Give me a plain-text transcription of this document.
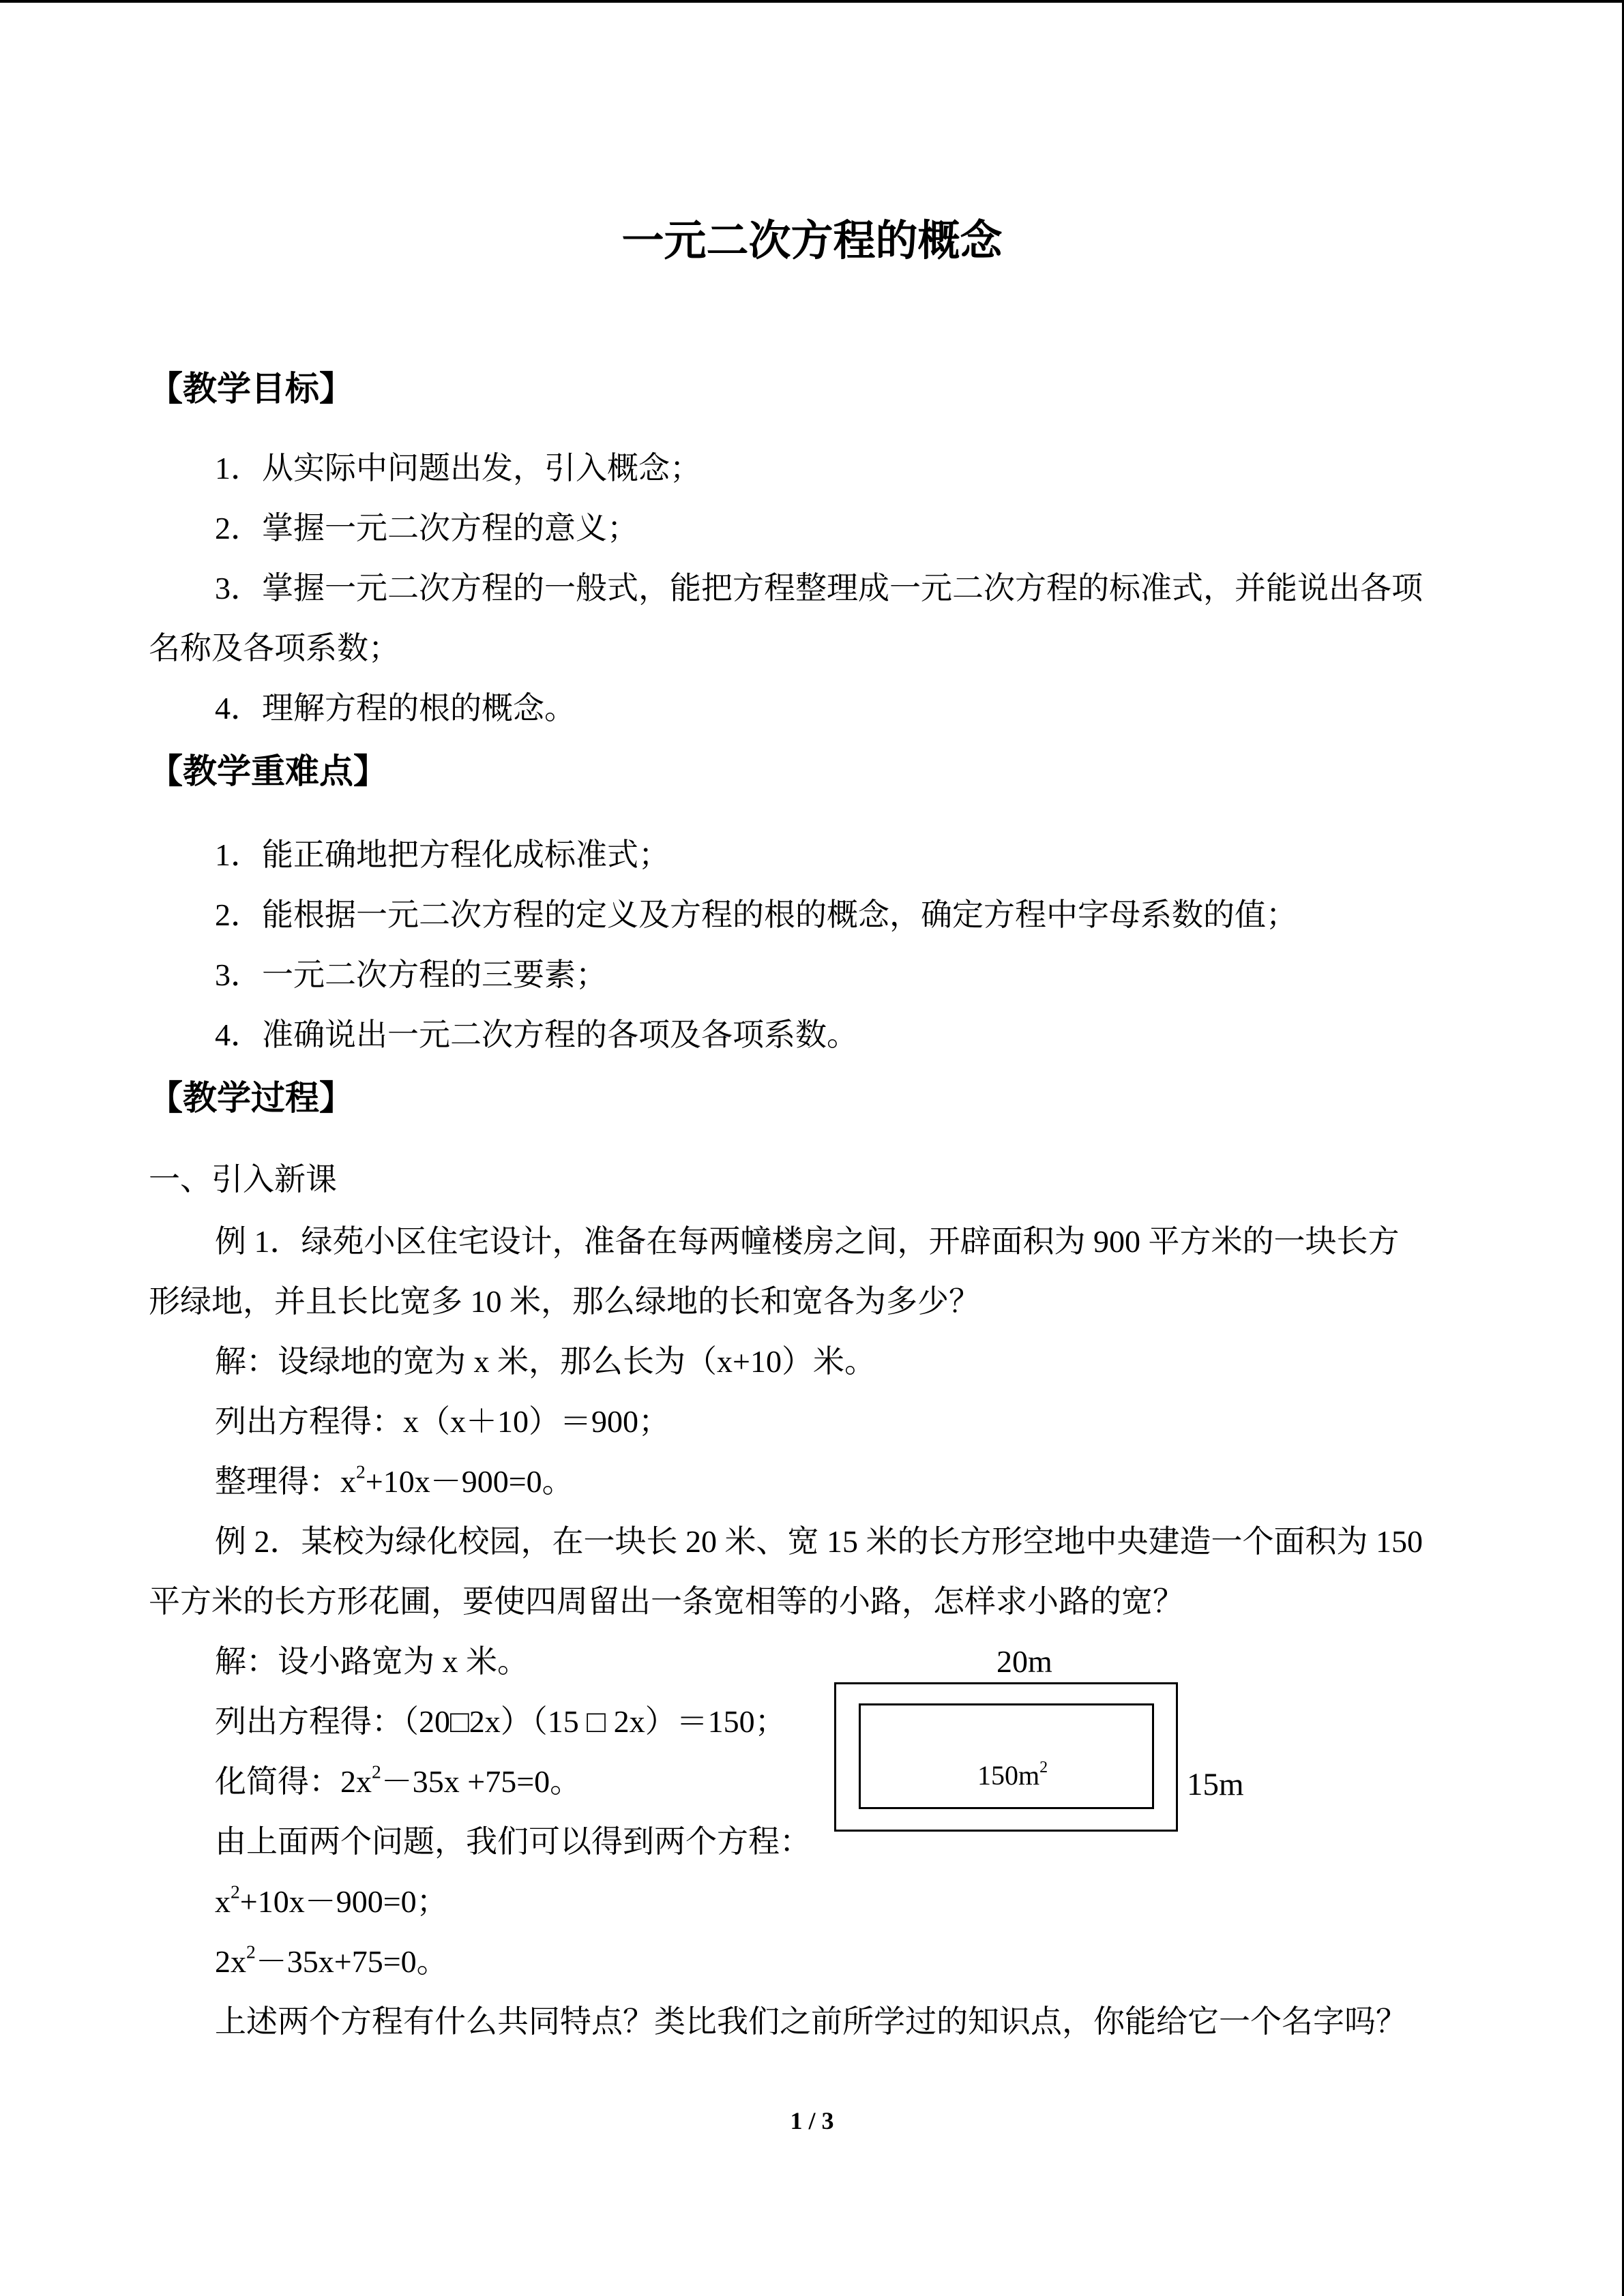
一元二次方程的概念
【教学目标】
1．从实际中问题出发，引入概念；
2．掌握一元二次方程的意义；
3．掌握一元二次方程的一般式，能把方程整理成一元二次方程的标准式，并能说出各项
名称及各项系数；
4．理解方程的根的概念。
【教学重难点】
1．能正确地把方程化成标准式；
2．能根据一元二次方程的定义及方程的根的概念，确定方程中字母系数的值；
3．一元二次方程的三要素；
4．准确说出一元二次方程的各项及各项系数。
【教学过程】
一、引入新课
例 1．绿苑小区住宅设计，准备在每两幢楼房之间，开辟面积为 900 平方米的一块长方
形绿地，并且长比宽多 10 米，那么绿地的长和宽各为多少？
解：设绿地的宽为 x 米，那么长为（x+10）米。
列出方程得：x（x＋10）＝900；
整理得：$x^2+10x-900=0$。
例 2．某校为绿化校园，在一块长 20 米、宽 15 米的长方形空地中央建造一个面积为 150
平方米的长方形花圃，要使四周留出一条宽相等的小路，怎样求小路的宽？
解：设小路宽为 x 米。
列出方程得：（20□2x）（15 □ 2x）＝150；
化简得：$2x^2-35x +75=0$。
由上面两个问题，我们可以得到两个方程：
$x^2+10x-900=0$；
$2x^2-35x+75=0$。
上述两个方程有什么共同特点？类比我们之前所学过的知识点，你能给它一个名字吗？
20m
$150m^2$	15m
1 / 3
